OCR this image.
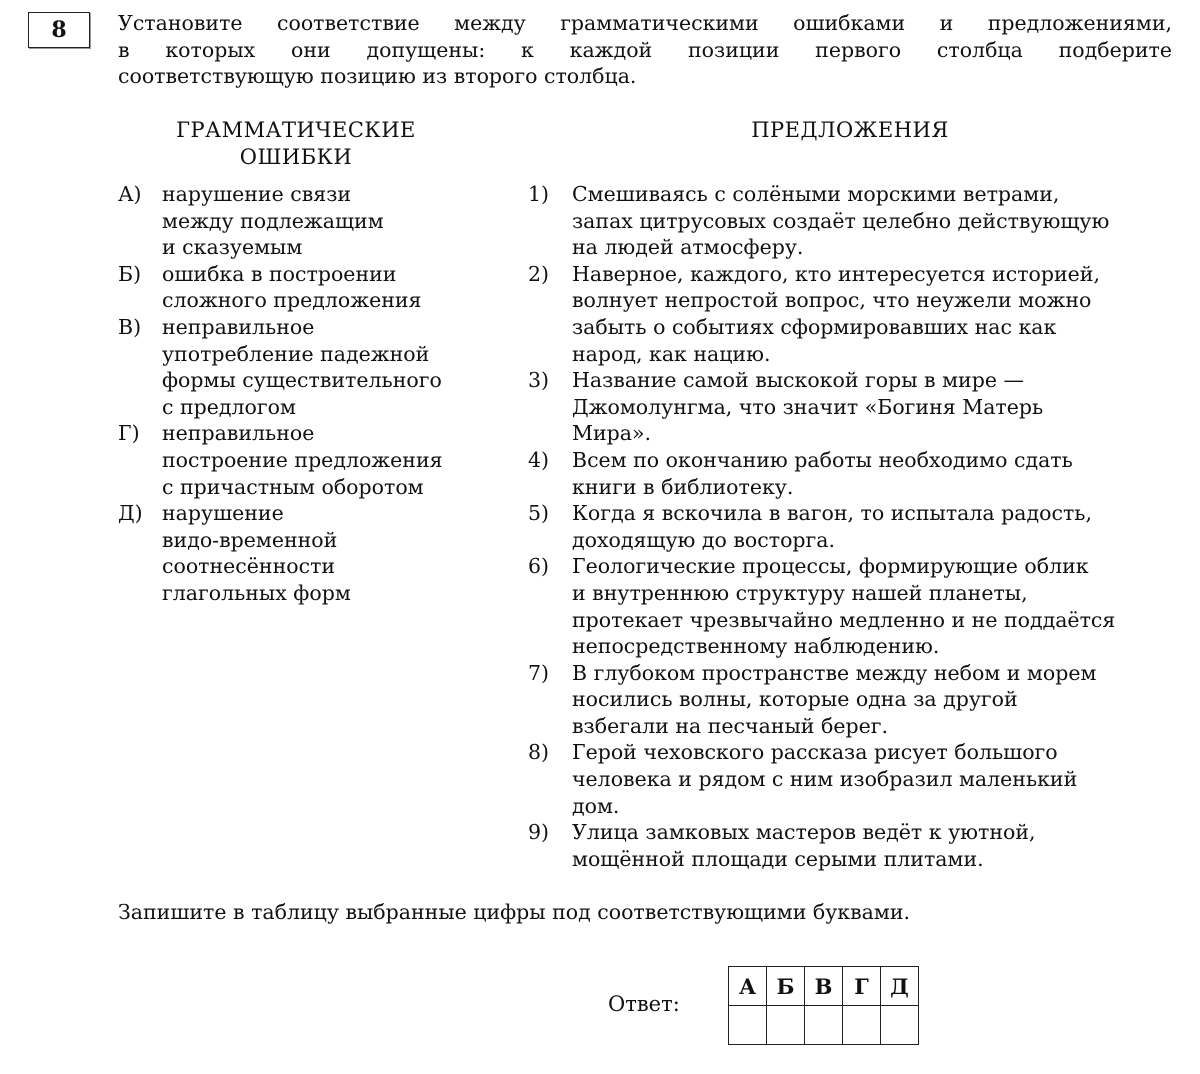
8	Установите соответствие между грамматическими ошибками и предложениями,
в которых они допущены: к каждой позиции первого столбца подберите
соответствующую позицию из второго столбца.
ГРАММАТИЧЕСКИЕ
ОШИБКИ
ПРЕДЛОЖЕНИЯ
А) нарушение связи
между подлежащим
и сказуемым
Б) ошибка в построении
сложного предложения
В) неправильное
употребление падежной
формы существительного
с предлогом
Г) неправильное
построение предложения
с причастным оборотом
Д) нарушение
видо-временной
соотнесённости
глагольных форм
1) Смешиваясь с солёными морскими ветрами,
запах цитрусовых создаёт целебно действующую
на людей атмосферу.
2) Наверное, каждого, кто интересуется историей,
волнует непростой вопрос, что неужели можно
забыть о событиях сформировавших нас как
народ, как нацию.
3) Название самой выскокой горы в мире —
Джомолунгма, что значит «Богиня Матерь
Мира».
4) Всем по окончанию работы необходимо сдать
книги в библиотеку.
5) Когда я вскочила в вагон, то испытала радость,
доходящую до восторга.
6) Геологические процессы, формирующие облик
и внутреннюю структуру нашей планеты,
протекает чрезвычайно медленно и не поддаётся
непосредственному наблюдению.
7) В глубоком пространстве между небом и морем
носились волны, которые одна за другой
взбегали на песчаный берег.
8) Герой чеховского рассказа рисует большого
человека и рядом с ним изобразил маленький
дом.
9) Улица замковых мастеров ведёт к уютной,
мощённой площади серыми плитами.
Запишите в таблицу выбранные цифры под соответствующими буквами.
Ответ:
А	Б	В	Г	Д
